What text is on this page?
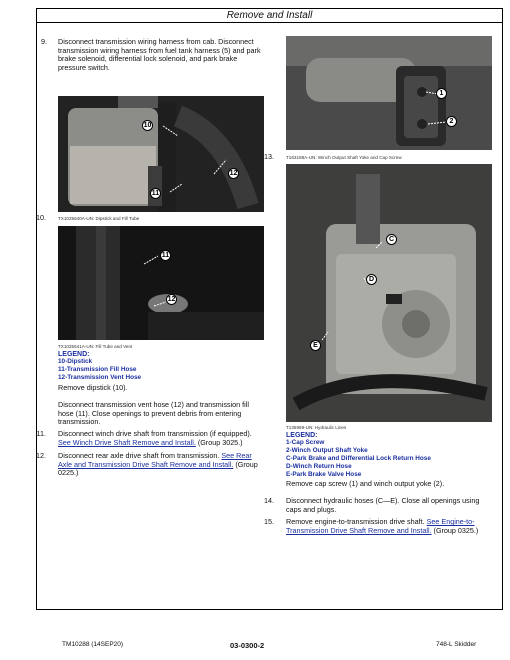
Remove and Install
9. Disconnect transmission wiring harness from cab. Disconnect transmission wiring harness from fuel tank harness (5) and park brake solenoid, differential lock solenoid, and park brake pressure switch.
10
12
11
10.	TX1025640A-UN: Dipstick and Fill Tube
11
12
TX1025641A-UN: Fill Tube and Vent
LEGEND:
10-Dipstick
11-Transmission Fill Hose
12-Transmission Vent Hose
Remove dipstick (10).
Disconnect transmission vent hose (12) and transmission fill hose (11). Close openings to prevent debris from entering transmission.
11. Disconnect winch drive shaft from transmission (if equipped). See Winch Drive Shaft Remove and Install. (Group 3025.)
12. Disconnect rear axle drive shaft from transmission. See Rear Axle and Transmission Drive Shaft Remove and Install. (Group 0225.)
1
2
13.	T163188A-UN: Winch Output Shaft Yoke and Cap Screw
C
D
E
T135969-UN: Hydraulic Lines
LEGEND:
1-Cap Screw
2-Winch Output Shaft Yoke
C-Park Brake and Differential Lock Return Hose
D-Winch Return Hose
E-Park Brake Valve Hose
Remove cap screw (1) and winch output yoke (2).
14. Disconnect hydraulic hoses (C—E). Close all openings using caps and plugs.
15. Remove engine-to-transmission drive shaft. See Engine-to-Transmission Drive Shaft Remove and Install. (Group 0325.)
TM10288 (14SEP20)	03-0300-2	748-L Skidder
